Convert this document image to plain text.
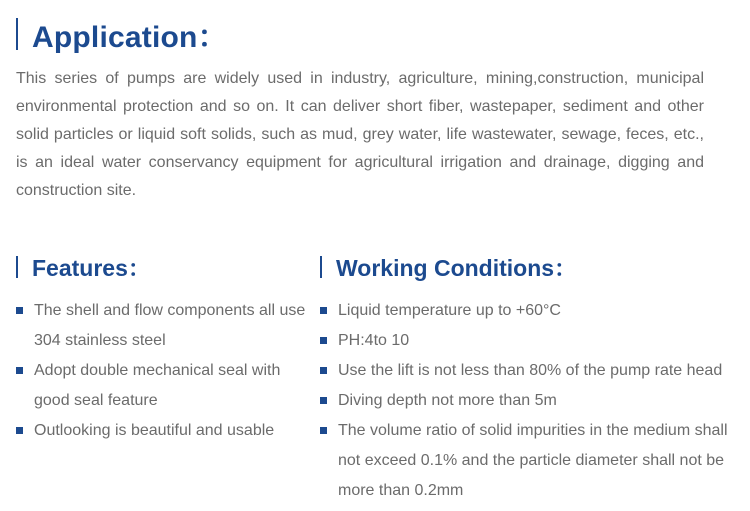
Application：

This series of pumps are widely used in industry, agriculture, mining,construction, municipal environmental protection and so on. It can deliver short fiber, wastepaper, sediment and other solid particles or liquid soft solids, such as mud, grey water, life wastewater, sewage, feces, etc., is an ideal water conservancy equipment for agricultural irrigation and drainage, digging and construction site.

Features：	Working Conditions：
The shell and flow components all use 304 stainless steel
Adopt double mechanical seal with good seal feature
Outlooking is beautiful and usable
Liquid temperature up to +60°C
PH:4to 10
Use the lift is not less than 80% of the pump rate head
Diving depth not more than 5m
The volume ratio of solid impurities in the medium shall not exceed 0.1% and the particle diameter shall not be more than 0.2mm
